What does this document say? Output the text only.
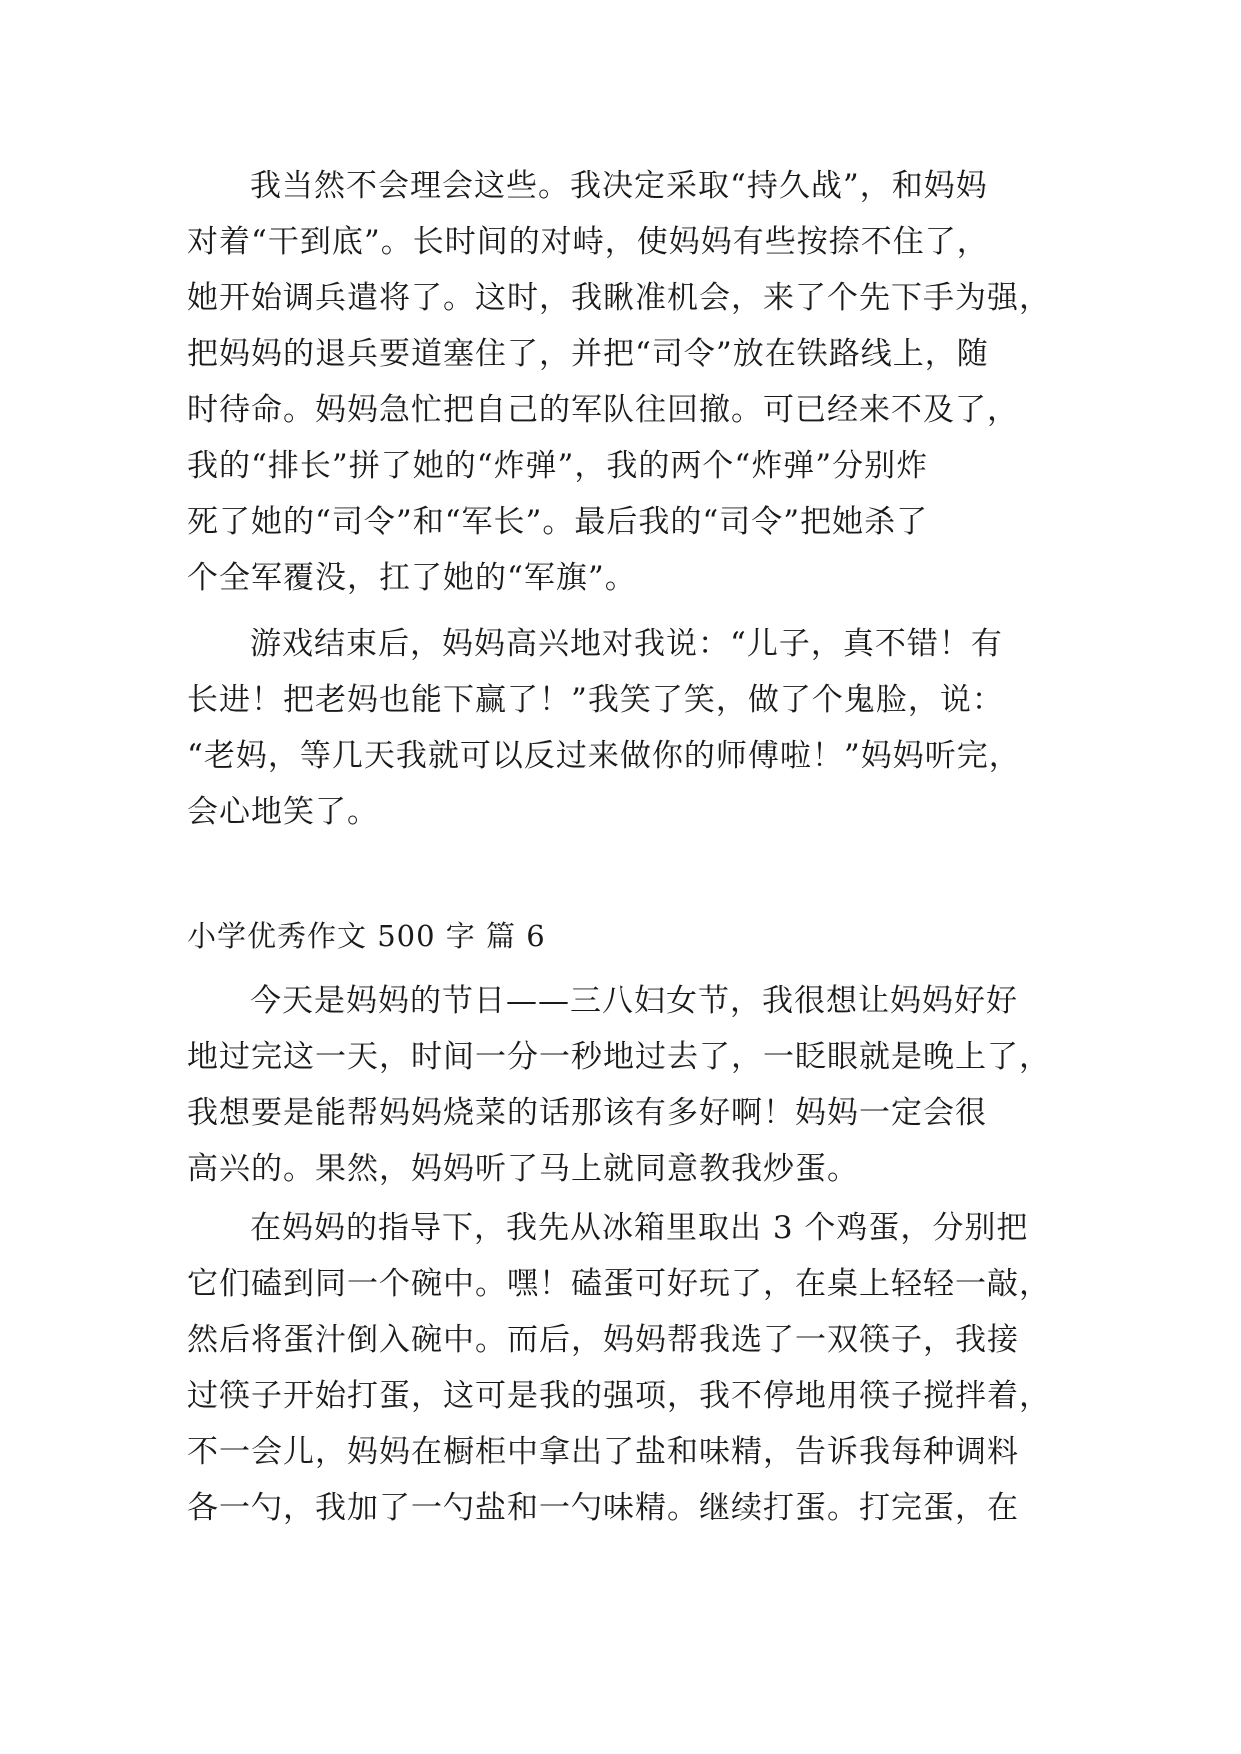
我当然不会理会这些。我决定采取“持久战”，和妈妈
对着“干到底”。长时间的对峙，使妈妈有些按捺不住了，
她开始调兵遣将了。这时，我瞅准机会，来了个先下手为强，
把妈妈的退兵要道塞住了，并把“司令”放在铁路线上，随
时待命。妈妈急忙把自己的军队往回撤。可已经来不及了，
我的“排长”拼了她的“炸弹”，我的两个“炸弹”分别炸
死了她的“司令”和“军长”。最后我的“司令”把她杀了
个全军覆没，扛了她的“军旗”。
游戏结束后，妈妈高兴地对我说：“儿子，真不错！有
长进！把老妈也能下赢了！”我笑了笑，做了个鬼脸，说：
“老妈，等几天我就可以反过来做你的师傅啦！”妈妈听完，
会心地笑了。
小学优秀作文 500 字 篇 6
今天是妈妈的节日——三八妇女节，我很想让妈妈好好
地过完这一天，时间一分一秒地过去了，一眨眼就是晚上了，
我想要是能帮妈妈烧菜的话那该有多好啊！妈妈一定会很
高兴的。果然，妈妈听了马上就同意教我炒蛋。
在妈妈的指导下，我先从冰箱里取出 3 个鸡蛋，分别把
它们磕到同一个碗中。嘿！磕蛋可好玩了，在桌上轻轻一敲，
然后将蛋汁倒入碗中。而后，妈妈帮我选了一双筷子，我接
过筷子开始打蛋，这可是我的强项，我不停地用筷子搅拌着，
不一会儿，妈妈在橱柜中拿出了盐和味精，告诉我每种调料
各一勺，我加了一勺盐和一勺味精。继续打蛋。打完蛋，在
